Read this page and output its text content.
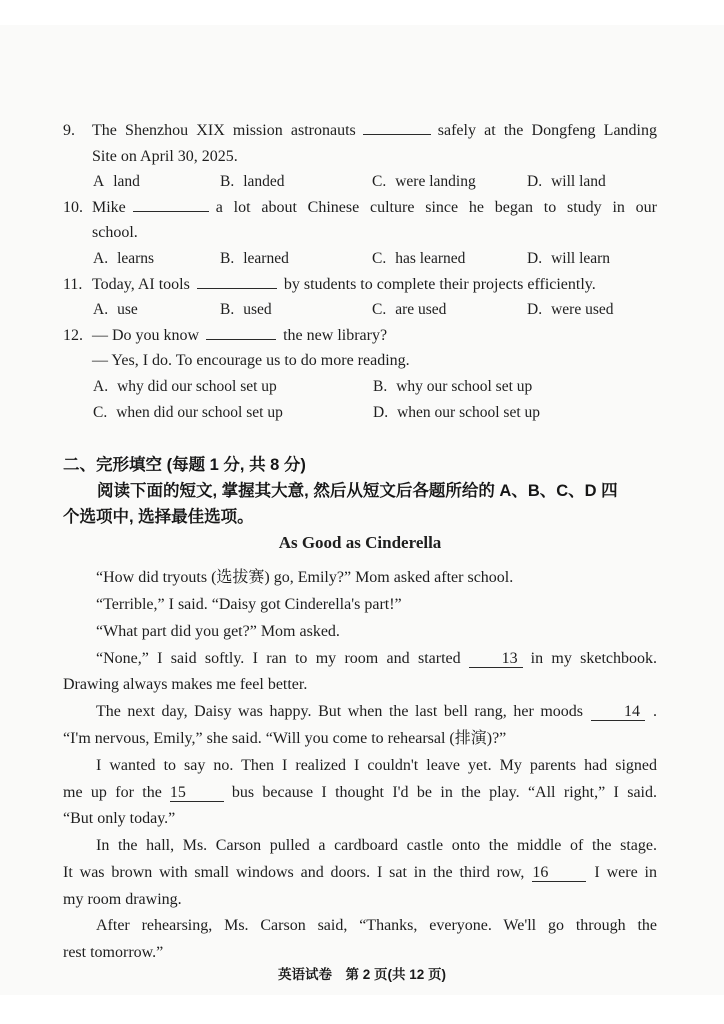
9. The Shenzhou XIX mission astronauts	safely at the Dongfeng Landing
Site on April 30, 2025.
A land	B. landed	C. were landing	D. will land
10. Mike	a lot about Chinese culture since he began to study in our
school.
A. learns	B. learned	C. has learned	D. will learn
11. Today, AI tools	by students to complete their projects efficiently.
A. use	B. used	C. are used	D. were used
12. — Do you know	the new library?
— Yes, I do. To encourage us to do more reading.
A. why did our school set up	B. why our school set up
C. when did our school set up	D. when our school set up
二、完形填空 (每题 1 分, 共 8 分)
阅读下面的短文, 掌握其大意, 然后从短文后各题所给的 A、B、C、D 四
个选项中, 选择最佳选项。
As Good as Cinderella

“How did tryouts (选拔赛) go, Emily?” Mom asked after school.

“Terrible,” I said. “Daisy got Cinderella's part!”

“What part did you get?” Mom asked.

“None,” I said softly. I ran to my room and started	13 in my sketchbook.

Drawing always makes me feel better.

The next day, Daisy was happy. But when the last bell rang, her moods	14 .

“I'm nervous, Emily,” she said. “Will you come to rehearsal (排演)?”

I wanted to say no. Then I realized I couldn't leave yet. My parents had signed

me up for the 15	bus because I thought I'd be in the play. “All right,” I said.

“But only today.”

In the hall, Ms. Carson pulled a cardboard castle onto the middle of the stage.

It was brown with small windows and doors. I sat in the third row, 16	I were in

my room drawing.

After rehearsing, Ms. Carson said, “Thanks, everyone. We'll go through the

rest tomorrow.”

英语试卷　第 2 页(共 12 页)
